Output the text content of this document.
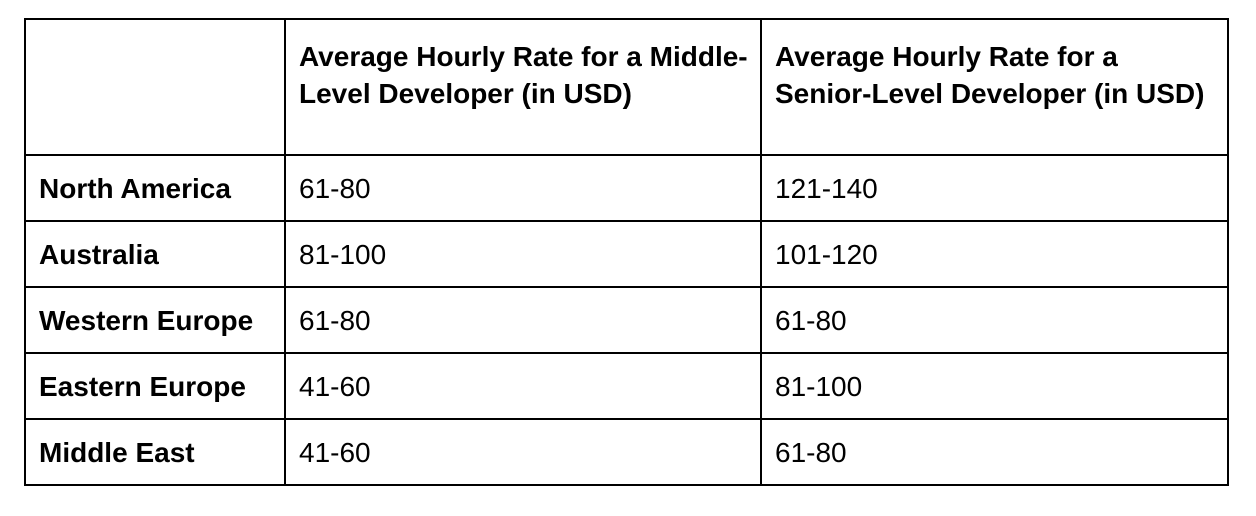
	Average Hourly Rate for a Middle-Level Developer (in USD)	Average Hourly Rate for a Senior-Level Developer (in USD)
North America	61-80	121-140
Australia	81-100	101-120
Western Europe	61-80	61-80
Eastern Europe	41-60	81-100
Middle East	41-60	61-80
